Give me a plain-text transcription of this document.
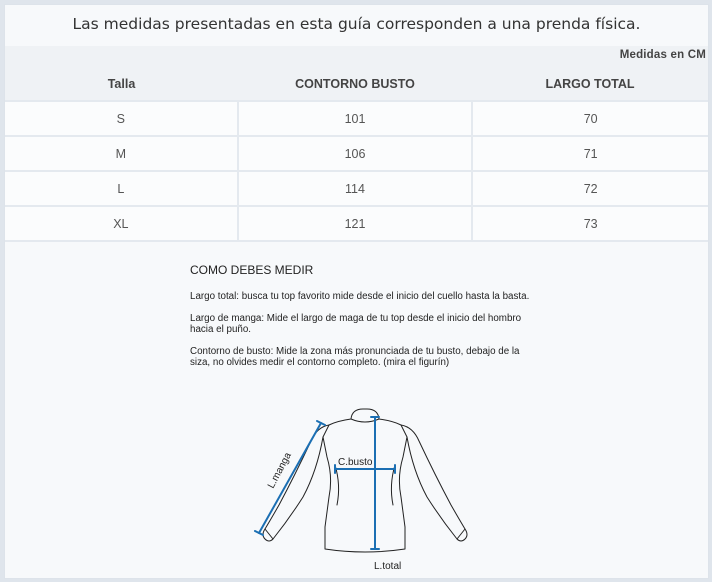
Las medidas presentadas en esta guía corresponden a una prenda física.
Medidas en CM
Talla	CONTORNO BUSTO	LARGO TOTAL
S	101	70
M	106	71
L	114	72
XL	121	73
COMO DEBES MEDIR

Largo total: busca tu top favorito mide desde el inicio del cuello hasta la basta.

Largo de manga: Mide el largo de maga de tu top desde el inicio del hombro hacia el puño.

Contorno de busto: Mide la zona más pronunciada de tu busto, debajo de la siza, no olvides medir el contorno completo. (mira el figurín)

L.manga	C.busto
L.total
